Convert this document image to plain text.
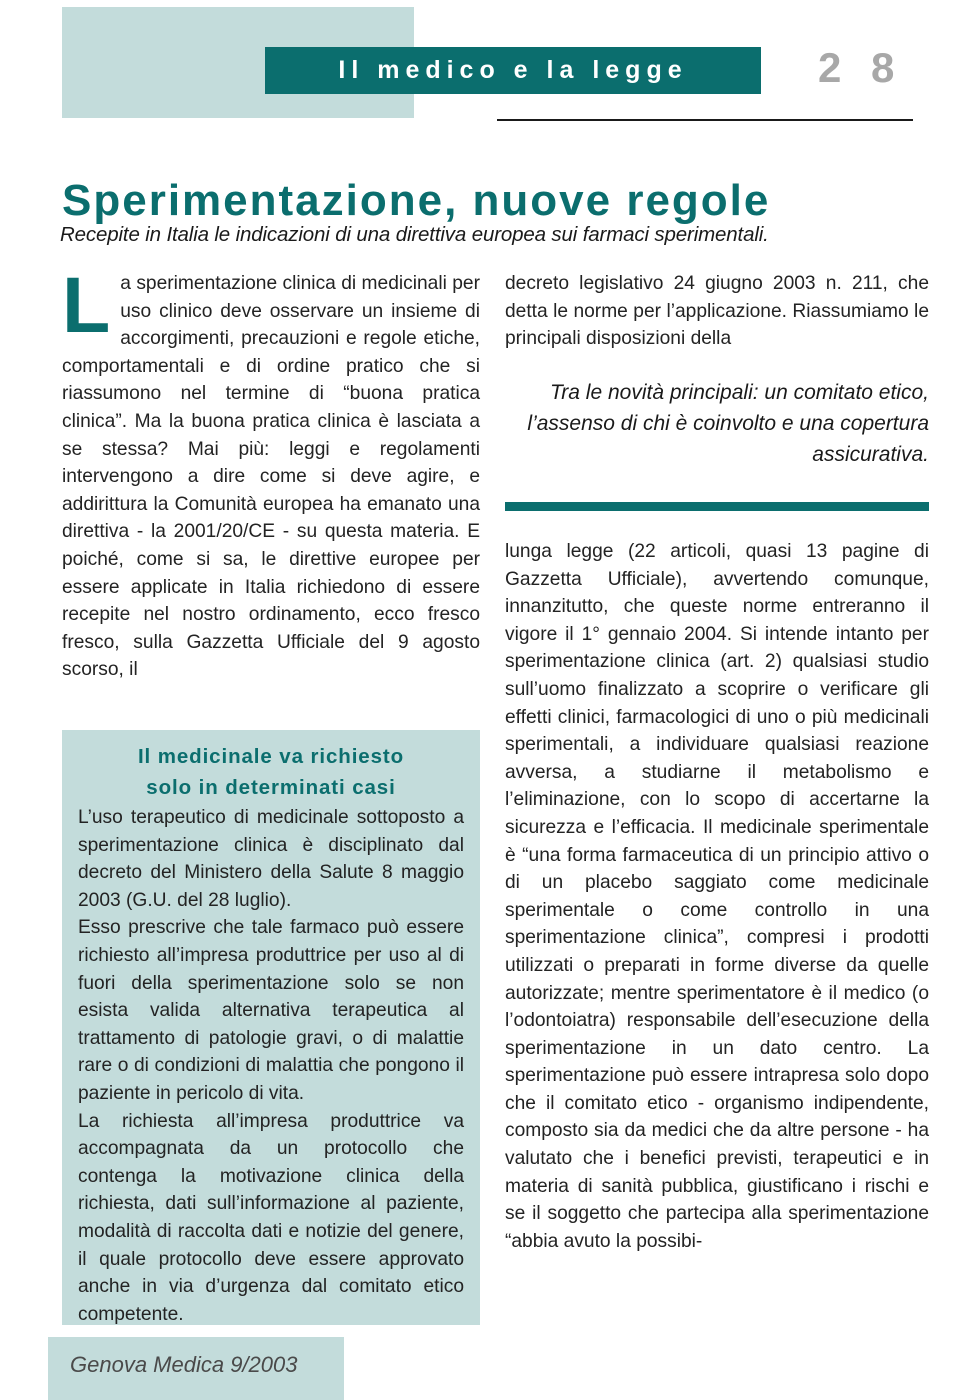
Il medico e la legge	2 8
Sperimentazione, nuove regole
Recepite in Italia le indicazioni di una direttiva europea sui farmaci sperimentali.

La sperimentazione clinica di medicinali per uso clinico deve osservare un insieme di accorgimenti, precauzioni e regole etiche, comportamentali e di ordine pratico che si riassumono nel termine di “buona pratica clinica”. Ma la buona pratica clinica è lasciata a se stessa? Mai più: leggi e regolamenti intervengono a dire come si deve agire, e addirittura la Comunità europea ha emanato una direttiva - la 2001/20/CE - su questa materia. E poiché, come si sa, le direttive europee per essere applicate in Italia richiedono di essere recepite nel nostro ordinamento, ecco fresco fresco, sulla Gazzetta Ufficiale del 9 agosto scorso, il

Il medicinale va richiesto
solo in determinati casi

L’uso terapeutico di medicinale sottoposto a sperimentazione clinica è disciplinato dal decreto del Ministero della Salute 8 maggio 2003 (G.U. del 28 luglio).

Esso prescrive che tale farmaco può essere richiesto all’impresa produttrice per uso al di fuori della sperimentazione solo se non esista valida alternativa terapeutica al trattamento di patologie gravi, o di malattie rare o di condizioni di malattia che pongono il paziente in pericolo di vita.

La richiesta all’impresa produttrice va accompagnata da un protocollo che contenga la motivazione clinica della richiesta, dati sull’informazione al paziente, modalità di raccolta dati e notizie del genere, il quale protocollo deve essere approvato anche in via d’urgenza dal comitato etico competente.

decreto legislativo 24 giugno 2003 n. 211, che detta le norme per l’applicazione. Riassumiamo le principali disposizioni della

Tra le novità principali: un comitato etico, l’assenso di chi è coinvolto e una copertura assicurativa.

lunga legge (22 articoli, quasi 13 pagine di Gazzetta Ufficiale), avvertendo comunque, innanzitutto, che queste norme entreranno il vigore il 1° gennaio 2004. Si intende intanto per sperimentazione clinica (art. 2) qualsiasi studio sull’uomo finalizzato a scoprire o verificare gli effetti clinici, farmacologici di uno o più medicinali sperimentali, a individuare qualsiasi reazione avversa, a studiarne il metabolismo e l’eliminazione, con lo scopo di accertarne la sicurezza e l’efficacia. Il medicinale sperimentale è “una forma farmaceutica di un principio attivo o di un placebo saggiato come medicinale sperimentale o come controllo in una sperimentazione clinica”, compresi i prodotti utilizzati o preparati in forme diverse da quelle autorizzate; mentre sperimentatore è il medico (o l’odontoiatra) responsabile dell’esecuzione della sperimentazione in un dato centro. La sperimentazione può essere intrapresa solo dopo che il comitato etico - organismo indipendente, composto sia da medici che da altre persone - ha valutato che i benefici previsti, terapeutici e in materia di sanità pubblica, giustificano i rischi e se il soggetto che partecipa alla sperimentazione “abbia avuto la possibi-

Genova Medica 9/2003
